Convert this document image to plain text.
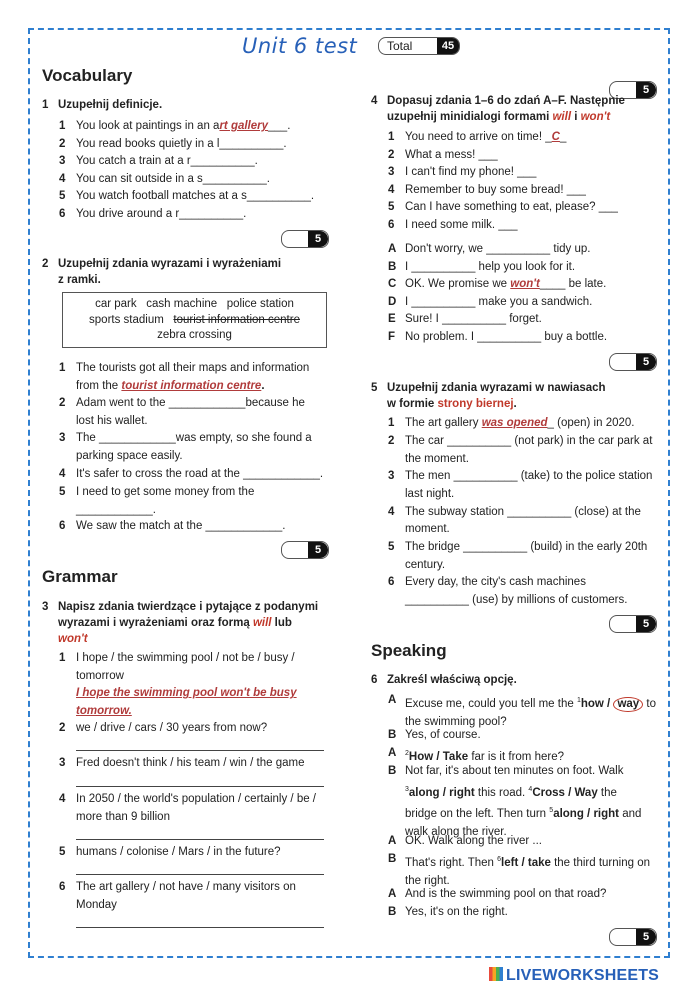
Unit 6 test Total	45
Vocabulary
1 Uzupełnij definicje.
1 You look at paintings in an art gallery___.
2 You read books quietly in a l__________.
3 You catch a train at a r__________.
4 You can sit outside in a s__________.
5 You watch football matches at a s__________.
6 You drive around a r__________.
5
2 Uzupełnij zdania wyrazami i wyrażeniami
z ramki.
car park   cash machine   police station
sports stadium tourist information centre
zebra crossing
1 The tourists got all their maps and information
from the tourist information centre.
2 Adam went to the ____________because he
lost his wallet.
3 The ____________was empty, so she found a
parking space easily.
4 It's safer to cross the road at the ____________.
5 I need to get some money from the
____________.
6 We saw the match at the ____________.
5
Grammar
3 Napisz zdania twierdzące i pytające z podanymi
wyrazami i wyrażeniami oraz formą will lub
won't
1 I hope / the swimming pool / not be / busy /
tomorrow
I hope the swimming pool won't be busy
tomorrow.
2 we / drive / cars / 30 years from now?
3 Fred doesn't think / his team / win / the game
4 In 2050 / the world's population / certainly / be /
more than 9 billion
5 humans / colonise / Mars / in the future?
6 The art gallery / not have / many visitors on
Monday
5
4 Dopasuj zdania 1–6 do zdań A–F. Następnie
uzupełnij minidialogi formami will i won't
1 You need to arrive on time! _C_
2 What a mess! ___
3 I can't find my phone! ___
4 Remember to buy some bread! ___
5 Can I have something to eat, please? ___
6 I need some milk. ___
A Don't worry, we __________ tidy up.
B I __________ help you look for it.
C OK. We promise we won't____ be late.
D I __________ make you a sandwich.
E Sure! I __________ forget.
F No problem. I __________ buy a bottle.
5
5 Uzupełnij zdania wyrazami w nawiasach
w formie strony biernej.
1 The art gallery was opened_ (open) in 2020.
2 The car __________ (not park) in the car park at
the moment.
3 The men __________ (take) to the police station
last night.
4 The subway station __________ (close) at the
moment.
5 The bridge __________ (build) in the early 20th
century.
6 Every day, the city's cash machines
__________ (use) by millions of customers.
5
Speaking
6 Zakreśl właściwą opcję.
A Excuse me, could you tell me the $^1$how / way to
the swimming pool?
B Yes, of course.
A $^2$How / Take far is it from here?
B Not far, it's about ten minutes on foot. Walk
$^3$along / right this road. $^4$Cross / Way the
bridge on the left. Then turn $^5$along / right and
walk along the river.
A OK. Walk along the river ...
B That's right. Then $^6$left / take the third turning on
the right.
A And is the swimming pool on that road?
B Yes, it's on the right.
5
LIVEWORKSHEETS
